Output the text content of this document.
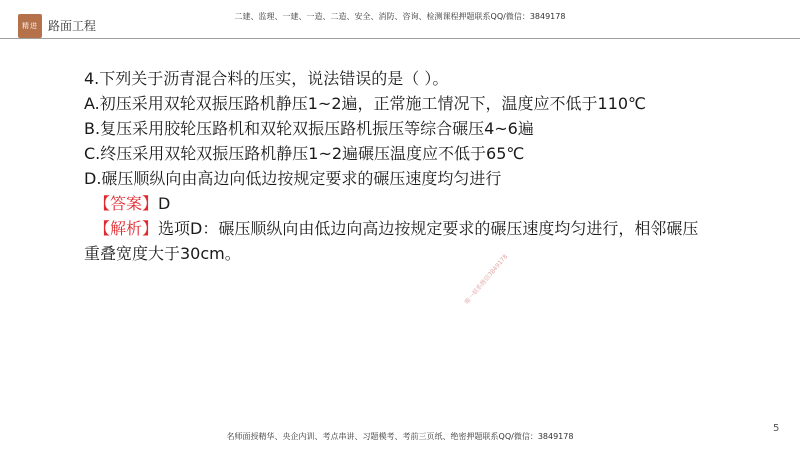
精进 路面工程
二建、监理、一建、一造、二造、安全、消防、咨询、检测课程押题联系QQ/微信：3849178

4.下列关于沥青混合料的压实，说法错误的是（ ）。

A.初压采用双轮双振压路机静压1~2遍，正常施工情况下，温度应不低于110℃

B.复压采用胶轮压路机和双轮双振压路机振压等综合碾压4~6遍

C.终压采用双轮双振压路机静压1~2遍碾压温度应不低于65℃

D.碾压顺纵向由高边向低边按规定要求的碾压速度均匀进行

【答案】D

【解析】选项D：碾压顺纵向由低边向高边按规定要求的碾压速度均匀进行，相邻碾压

重叠宽度大于30cm。	唯一联系微信3849178
5
名师面授精华、央企内训、考点串讲、习题模考、考前三页纸、绝密押题联系QQ/微信：3849178
